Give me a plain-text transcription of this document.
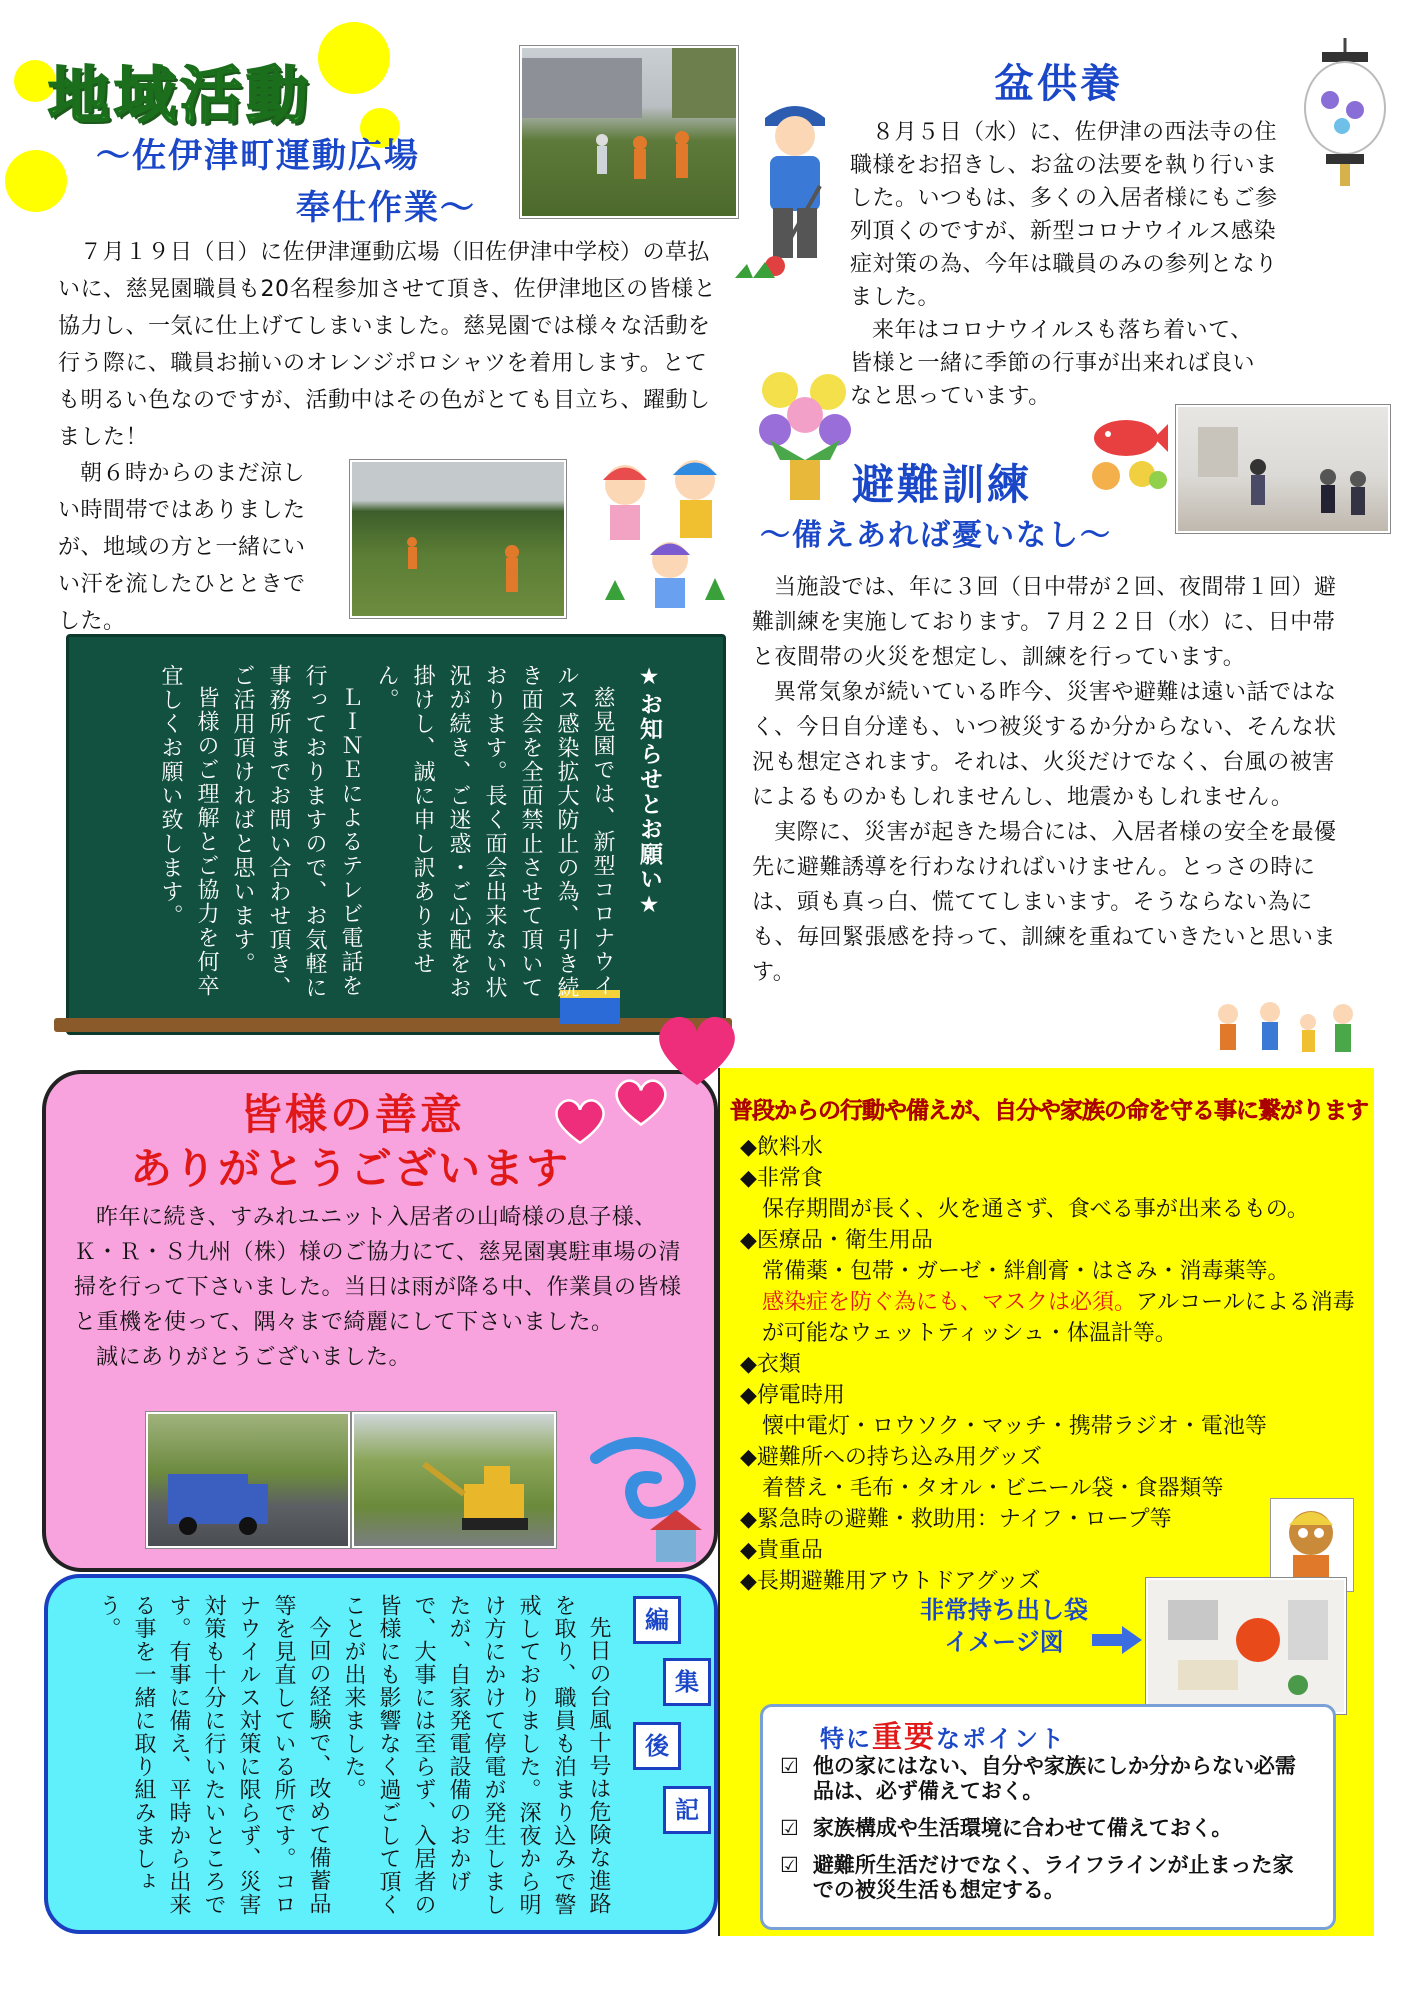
地域活動
～佐伊津町運動広場
奉仕作業～

７月１９日（日）に佐伊津運動広場（旧佐伊津中学校）の草払いに、慈晃園職員も20名程参加させて頂き、佐伊津地区の皆様と協力し、一気に仕上げてしまいました。慈晃園では様々な活動を行う際に、職員お揃いのオレンジポロシャツを着用します。とても明るい色なのですが、活動中はその色がとても目立ち、躍動しました！

朝６時からのまだ涼しい時間帯ではありましたが、地域の方と一緒にいい汗を流したひとときでした。

★お知らせとお願い★

慈晃園では、新型コロナウイルス感染拡大防止の為、引き続き面会を全面禁止させて頂いております。長く面会出来ない状況が続き、ご迷惑・ご心配をお掛けし、誠に申し訳ありません。

ＬＩＮＥによるテレビ電話を行っておりますので、お気軽に事務所までお問い合わせ頂き、ご活用頂ければと思います。

皆様のご理解とご協力を何卒宜しくお願い致します。

盆供養

８月５日（水）に、佐伊津の西法寺の住職様をお招きし、お盆の法要を執り行いました。いつもは、多くの入居者様にもご参列頂くのですが、新型コロナウイルス感染症対策の為、今年は職員のみの参列となりました。

来年はコロナウイルスも落ち着いて、皆様と一緒に季節の行事が出来れば良いなと思っています。

避難訓練
～備えあれば憂いなし～

当施設では、年に３回（日中帯が２回、夜間帯１回）避難訓練を実施しております。７月２２日（水）に、日中帯と夜間帯の火災を想定し、訓練を行っています。

異常気象が続いている昨今、災害や避難は遠い話ではなく、今日自分達も、いつ被災するか分からない、そんな状況も想定されます。それは、火災だけでなく、台風の被害によるものかもしれませんし、地震かもしれません。

実際に、災害が起きた場合には、入居者様の安全を最優先に避難誘導を行わなければいけません。とっさの時には、頭も真っ白、慌ててしまいます。そうならない為にも、毎回緊張感を持って、訓練を重ねていきたいと思います。

皆様の善意
ありがとうございます

昨年に続き、すみれユニット入居者の山崎様の息子様、Ｋ・Ｒ・Ｓ九州（株）様のご協力にて、慈晃園裏駐車場の清掃を行って下さいました。当日は雨が降る中、作業員の皆様と重機を使って、隅々まで綺麗にして下さいました。

誠にありがとうございました。

普段からの行動や備えが、自分や家族の命を守る事に繋がります
◆飲料水
◆非常食
保存期間が長く、火を通さず、食べる事が出来るもの。
◆医療品・衛生用品
常備薬・包帯・ガーゼ・絆創膏・はさみ・消毒薬等。
感染症を防ぐ為にも、マスクは必須。アルコールによる消毒が可能なウェットティッシュ・体温計等。
◆衣類
◆停電時用
懐中電灯・ロウソク・マッチ・携帯ラジオ・電池等
◆避難所への持ち込み用グッズ
着替え・毛布・タオル・ビニール袋・食器類等
◆緊急時の避難・救助用：ナイフ・ロープ等
◆貴重品
◆長期避難用アウトドアグッズ
非常持ち出し袋
イメージ図
特に重要なポイント
☑ 他の家にはない、自分や家族にしか分からない必需品は、必ず備えておく。
☑ 家族構成や生活環境に合わせて備えておく。
☑ 避難所生活だけでなく、ライフラインが止まった家での被災生活も想定する。
編
集
後
記

先日の台風十号は危険な進路を取り、職員も泊まり込みで警戒しておりました。深夜から明け方にかけて停電が発生しましたが、自家発電設備のおかげで、大事には至らず、入居者の皆様にも影響なく過ごして頂くことが出来ました。

今回の経験で、改めて備蓄品等を見直している所です。コロナウイルス対策に限らず、災害対策も十分に行いたいところです。有事に備え、平時から出来る事を一緒に取り組みましょう。
